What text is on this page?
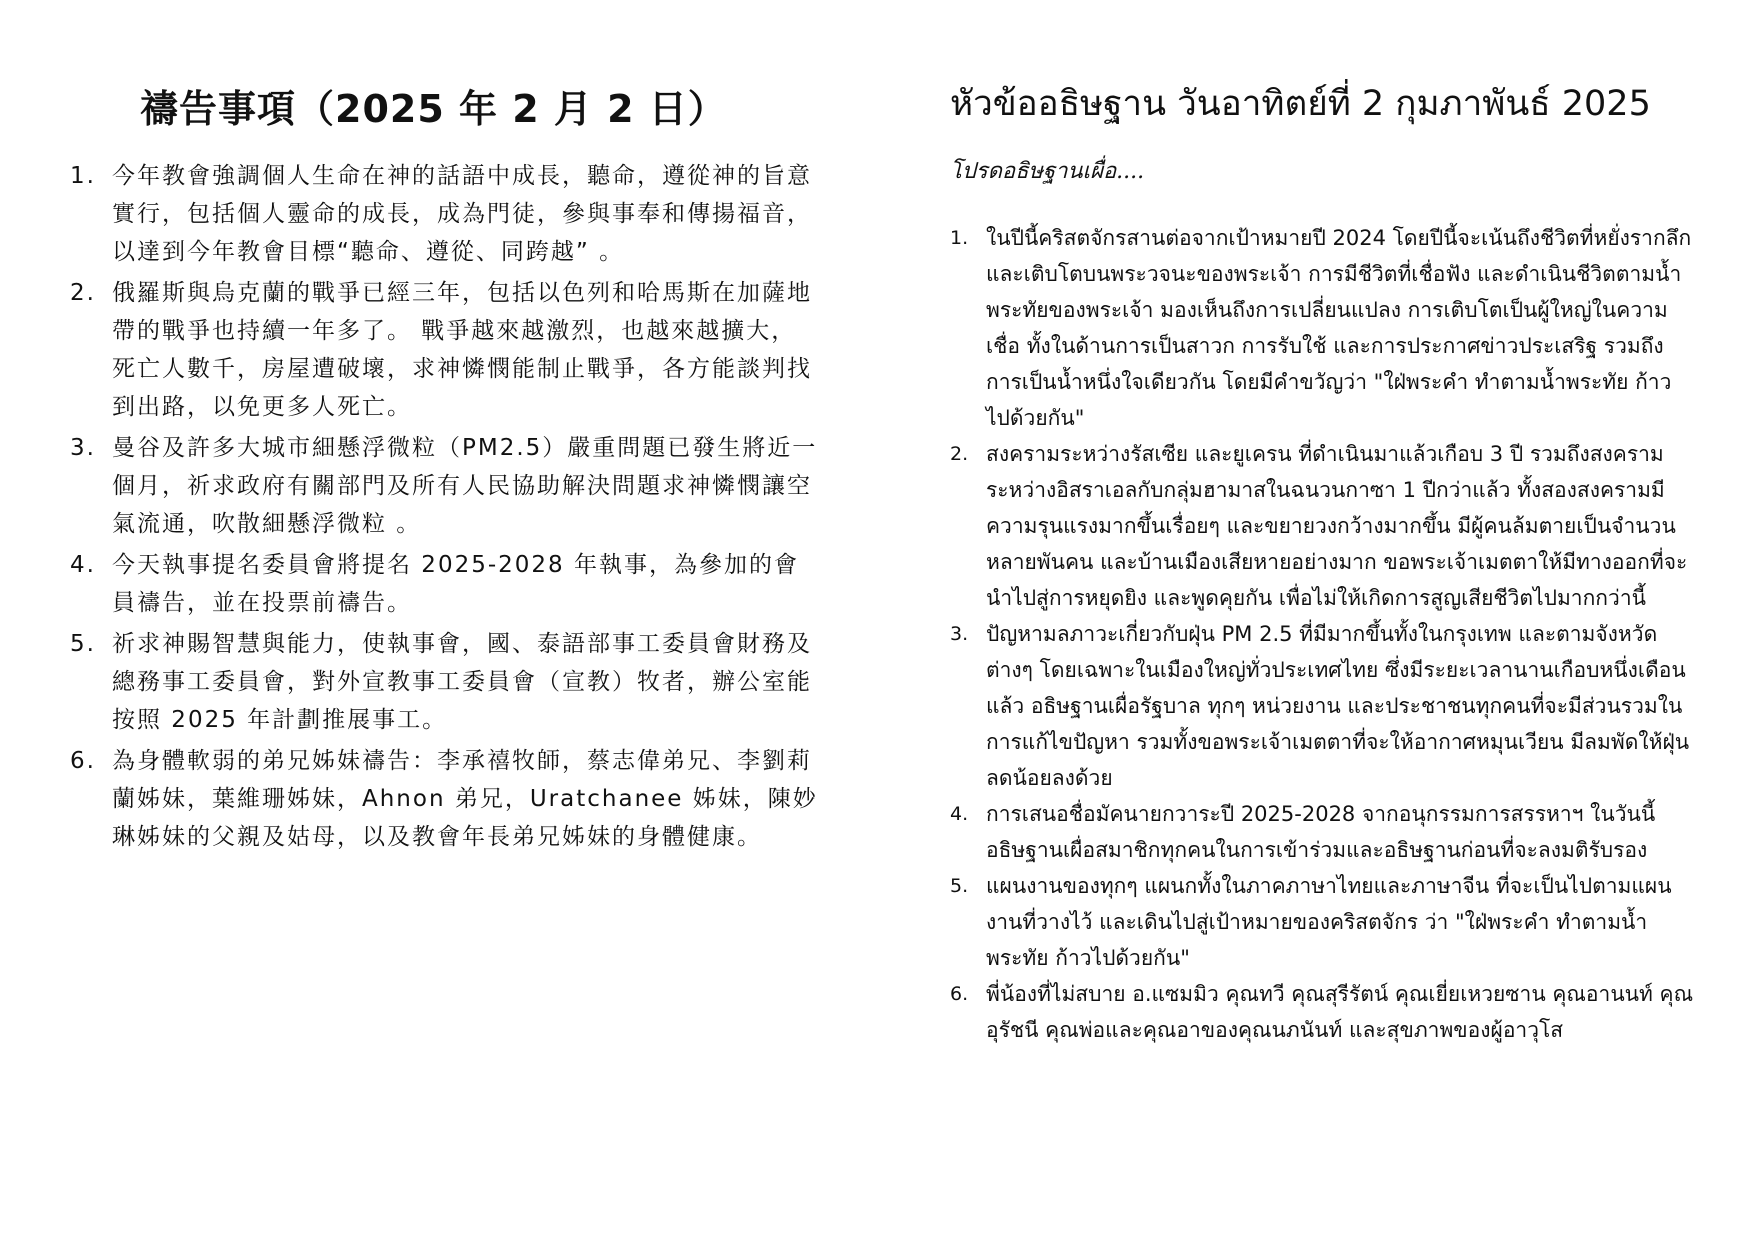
禱告事項（2025 年 2 月 2 日）
1. 今年教會強調個人生命在神的話語中成長，聽命，遵從神的旨意實行，包括個人靈命的成長，成為門徒，參與事奉和傳揚福音，以達到今年教會目標“聽命、遵從、同跨越” 。
2. 俄羅斯與烏克蘭的戰爭已經三年，包括以色列和哈馬斯在加薩地帶的戰爭也持續一年多了。 戰爭越來越激烈，也越來越擴大，死亡人數千，房屋遭破壞，求神憐憫能制止戰爭，各方能談判找到出路，以免更多人死亡。
3. 曼谷及許多大城市細懸浮微粒（PM2.5）嚴重問題已發生將近一個月，祈求政府有關部門及所有人民協助解決問題求神憐憫讓空氣流通，吹散細懸浮微粒 。
4. 今天執事提名委員會將提名 2025-2028 年執事，為參加的會員禱告，並在投票前禱告。
5. 祈求神賜智慧與能力，使執事會，國、泰語部事工委員會財務及總務事工委員會，對外宣教事工委員會（宣教）牧者，辦公室能按照 2025 年計劃推展事工。
6. 為身體軟弱的弟兄姊妹禱告：李承禧牧師，蔡志偉弟兄、李劉莉蘭姊妹，葉維珊姊妹，Ahnon 弟兄，Uratchanee 姊妹，陳妙琳姊妹的父親及姑母，以及教會年長弟兄姊妹的身體健康。
หัวข้ออธิษฐาน วันอาทิตย์ที่ 2 กุมภาพันธ์ 2025
โปรดอธิษฐานเผื่อ....
1. ในปีนี้คริสตจักรสานต่อจากเป้าหมายปี 2024 โดยปีนี้จะเน้นถึงชีวิตที่หยั่งรากลึก และเติบโตบนพระวจนะของพระเจ้า การมีชีวิตที่เชื่อฟัง และดำเนินชีวิตตามน้ำพระทัยของพระเจ้า มองเห็นถึงการเปลี่ยนแปลง การเติบโตเป็นผู้ใหญ่ในความเชื่อ ทั้งในด้านการเป็นสาวก การรับใช้ และการประกาศข่าวประเสริฐ รวมถึงการเป็นน้ำหนึ่งใจเดียวกัน โดยมีคำขวัญว่า "ใฝ่พระคำ ทำตามน้ำพระทัย ก้าวไปด้วยกัน"
2. สงครามระหว่างรัสเซีย และยูเครน ที่ดำเนินมาแล้วเกือบ 3 ปี รวมถึงสงครามระหว่างอิสราเอลกับกลุ่มฮามาสในฉนวนกาซา 1 ปีกว่าแล้ว ทั้งสองสงครามมีความรุนแรงมากขึ้นเรื่อยๆ และขยายวงกว้างมากขึ้น มีผู้คนล้มตายเป็นจำนวนหลายพันคน และบ้านเมืองเสียหายอย่างมาก ขอพระเจ้าเมตตาให้มีทางออกที่จะนำไปสู่การหยุดยิง และพูดคุยกัน เพื่อไม่ให้เกิดการสูญเสียชีวิตไปมากกว่านี้
3. ปัญหามลภาวะเกี่ยวกับฝุ่น PM 2.5 ที่มีมากขึ้นทั้งในกรุงเทพ และตามจังหวัดต่างๆ โดยเฉพาะในเมืองใหญ่ทั่วประเทศไทย ซึ่งมีระยะเวลานานเกือบหนึ่งเดือนแล้ว อธิษฐานเผื่อรัฐบาล ทุกๆ หน่วยงาน และประชาชนทุกคนที่จะมีส่วนรวมในการแก้ไขปัญหา รวมทั้งขอพระเจ้าเมตตาที่จะให้อากาศหมุนเวียน มีลมพัดให้ฝุ่นลดน้อยลงด้วย
4. การเสนอชื่อมัคนายกวาระปี 2025-2028 จากอนุกรรมการสรรหาฯ ในวันนี้ อธิษฐานเผื่อสมาชิกทุกคนในการเข้าร่วมและอธิษฐานก่อนที่จะลงมติรับรอง
5. แผนงานของทุกๆ แผนกทั้งในภาคภาษาไทยและภาษาจีน ที่จะเป็นไปตามแผนงานที่วางไว้ และเดินไปสู่เป้าหมายของคริสตจักร ว่า "ใฝ่พระคำ ทำตามน้ำพระทัย ก้าวไปด้วยกัน"
6. พี่น้องที่ไม่สบาย อ.แซมมิว คุณทวี คุณสุรีรัตน์ คุณเยี่ยเหวยซาน คุณอานนท์ คุณอุรัชนี คุณพ่อและคุณอาของคุณนภนันท์ และสุขภาพของผู้อาวุโส
